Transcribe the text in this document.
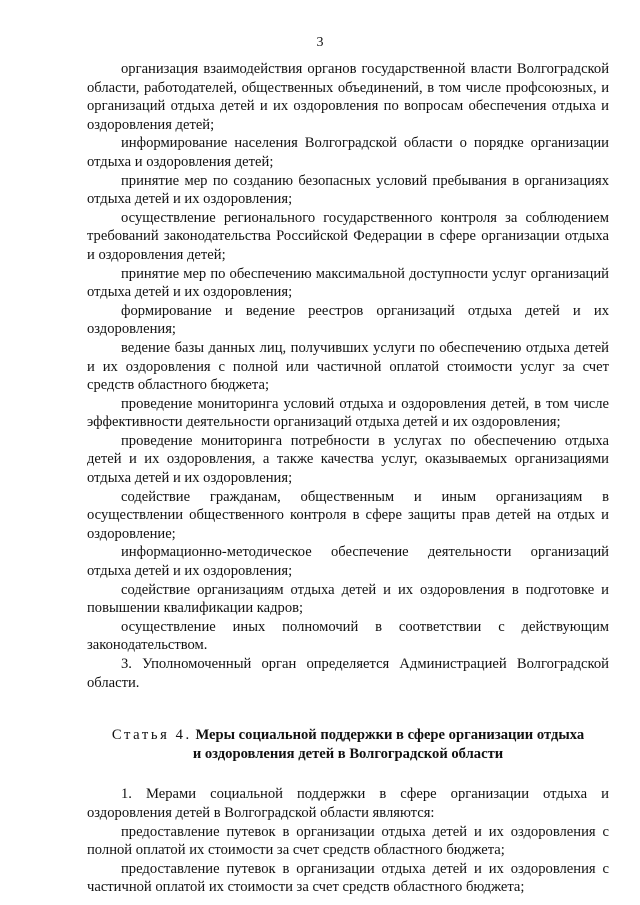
3

организация взаимодействия органов государственной власти Волгоградской области, работодателей, общественных объединений, в том числе профсоюзных, и организаций отдыха детей и их оздоровления по вопросам обеспечения отдыха и оздоровления детей;

информирование населения Волгоградской области о порядке организации отдыха и оздоровления детей;

принятие мер по созданию безопасных условий пребывания в организациях отдыха детей и их оздоровления;

осуществление регионального государственного контроля за соблюдением требований законодательства Российской Федерации в сфере организации отдыха и оздоровления детей;

принятие мер по обеспечению максимальной доступности услуг организаций отдыха детей и их оздоровления;

формирование и ведение реестров организаций отдыха детей и их оздоровления;

ведение базы данных лиц, получивших услуги по обеспечению отдыха детей и их оздоровления с полной или частичной оплатой стоимости услуг за счет средств областного бюджета;

проведение мониторинга условий отдыха и оздоровления детей, в том числе эффективности деятельности организаций отдыха детей и их оздоровления;

проведение мониторинга потребности в услугах по обеспечению отдыха детей и их оздоровления, а также качества услуг, оказываемых организациями отдыха детей и их оздоровления;

содействие гражданам, общественным и иным организациям в осуществлении общественного контроля в сфере защиты прав детей на отдых и оздоровление;

информационно-методическое обеспечение деятельности организаций отдыха детей и их оздоровления;

содействие организациям отдыха детей и их оздоровления в подготовке и повышении квалификации кадров;

осуществление иных полномочий в соответствии с действующим законодательством.

3. Уполномоченный орган определяется Администрацией Волгоградской области.

Статья 4. Меры социальной поддержки в сфере организации отдыха
и оздоровления детей в Волгоградской области

1. Мерами социальной поддержки в сфере организации отдыха и оздоровления детей в Волгоградской области являются:

предоставление путевок в организации отдыха детей и их оздоровления с полной оплатой их стоимости за счет средств областного бюджета;

предоставление путевок в организации отдыха детей и их оздоровления с частичной оплатой их стоимости за счет средств областного бюджета;
